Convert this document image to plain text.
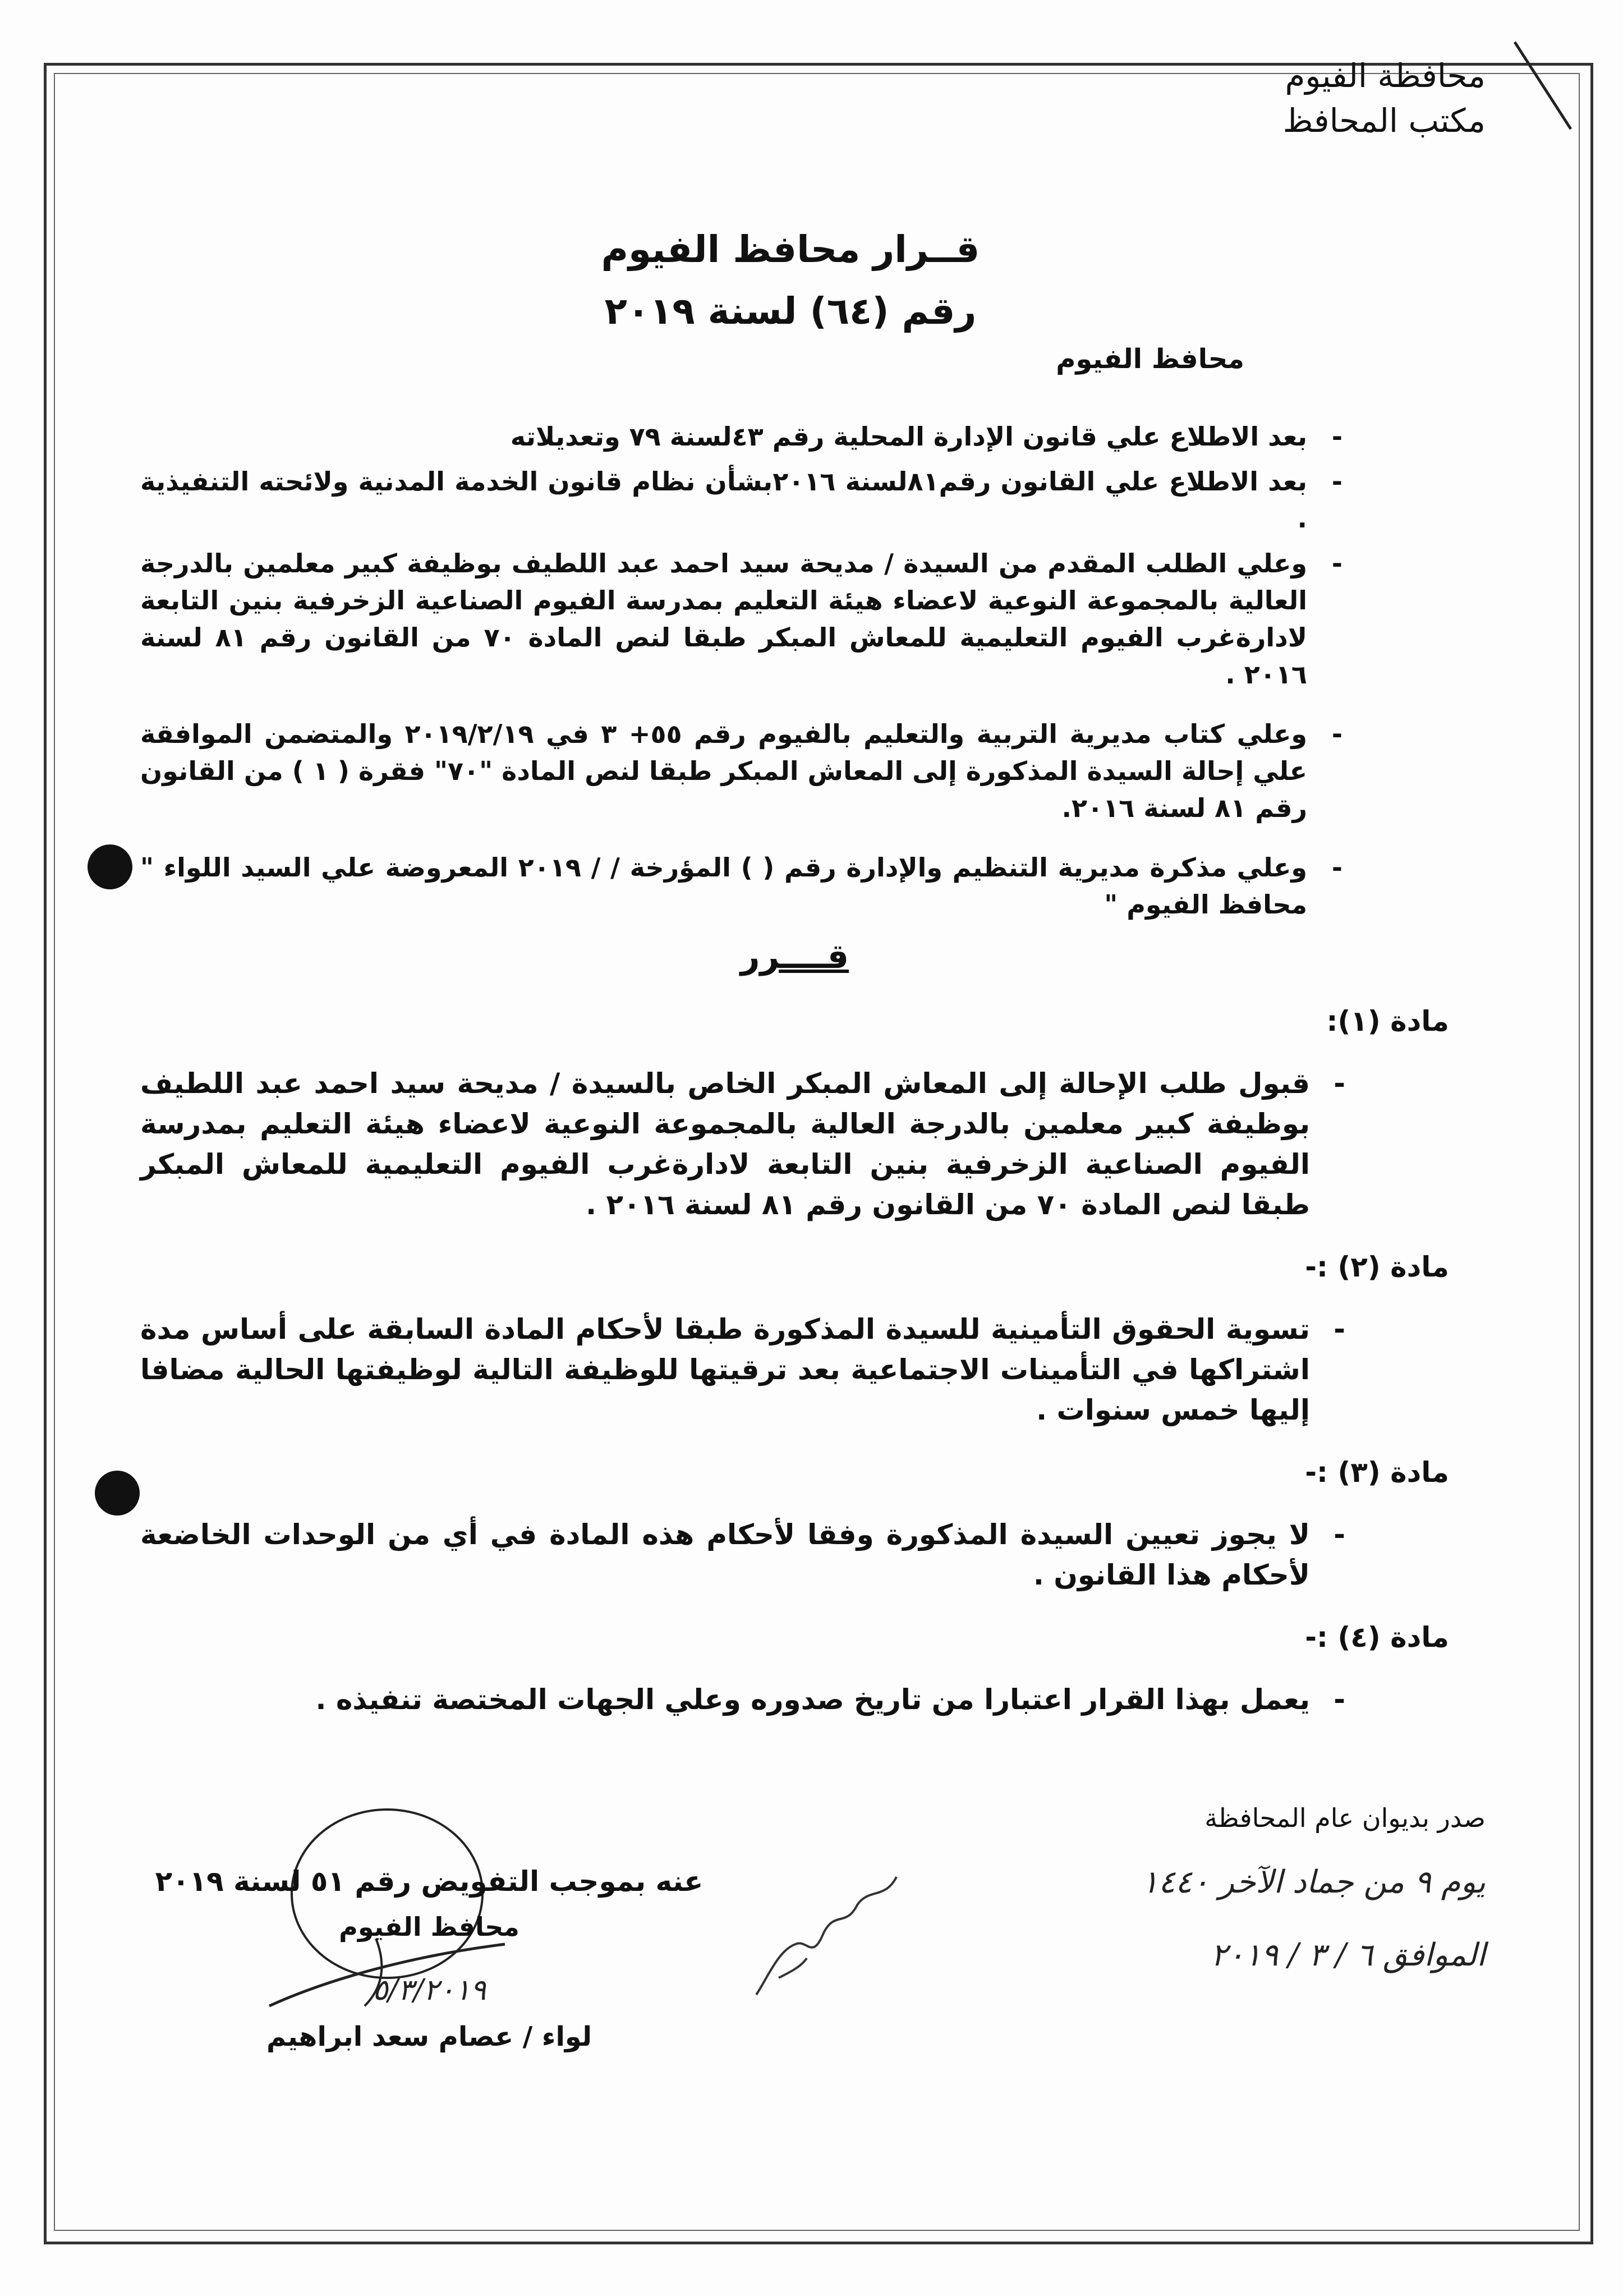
محافظة الفيوم
مكتب المحافظ
قــرار محافظ الفيوم
رقم (٦٤) لسنة ٢٠١٩
محافظ الفيوم
-
بعد الاطلاع علي قانون الإدارة المحلية رقم ٤٣لسنة ٧٩ وتعديلاته
-
بعد الاطلاع علي القانون رقم٨١لسنة ٢٠١٦بشأن نظام قانون الخدمة المدنية ولائحته التنفيذية .
-
وعلي الطلب المقدم من السيدة / مديحة سيد احمد عبد اللطيف بوظيفة كبير معلمين بالدرجة العالية بالمجموعة النوعية لاعضاء هيئة التعليم بمدرسة الفيوم الصناعية الزخرفية بنين التابعة لادارةغرب الفيوم التعليمية للمعاش المبكر طبقا لنص المادة ٧٠ من القانون رقم ٨١ لسنة ٢٠١٦ .
-
وعلي كتاب مديرية التربية والتعليم بالفيوم رقم ٥٥+ ٣ في ٢٠١٩/٢/١٩ والمتضمن الموافقة علي إحالة السيدة المذكورة إلى المعاش المبكر طبقا لنص المادة "٧٠" فقرة ( ١ ) من القانون رقم ٨١ لسنة ٢٠١٦.
-
وعلي مذكرة مديرية التنظيم والإدارة رقم ( ) المؤرخة / / ٢٠١٩ المعروضة علي السيد اللواء " محافظ الفيوم "
قــــرر
مادة (١):
-
قبول طلب الإحالة إلى المعاش المبكر الخاص بالسيدة / مديحة سيد احمد عبد اللطيف بوظيفة كبير معلمين بالدرجة العالية بالمجموعة النوعية لاعضاء هيئة التعليم بمدرسة الفيوم الصناعية الزخرفية بنين التابعة لادارةغرب الفيوم التعليمية للمعاش المبكر طبقا لنص المادة ٧٠ من القانون رقم ٨١ لسنة ٢٠١٦ .
مادة (٢) :-
-
تسوية الحقوق التأمينية للسيدة المذكورة طبقا لأحكام المادة السابقة على أساس مدة اشتراكها في التأمينات الاجتماعية بعد ترقيتها للوظيفة التالية لوظيفتها الحالية مضافا إليها خمس سنوات .
مادة (٣) :-
-
لا يجوز تعيين السيدة المذكورة وفقا لأحكام هذه المادة في أي من الوحدات الخاضعة لأحكام هذا القانون .
مادة (٤) :-
-
يعمل بهذا القرار اعتبارا من تاريخ صدوره وعلي الجهات المختصة تنفيذه .
صدر بديوان عام المحافظة
يوم ٩ من جماد الآخر ١٤٤٠
الموافق ٦ / ٣ / ٢٠١٩
عنه بموجب التفويض رقم ٥١ لسنة ٢٠١٩
محافظ الفيوم
٥/٣/٢٠١٩
لواء / عصام سعد ابراهيم
